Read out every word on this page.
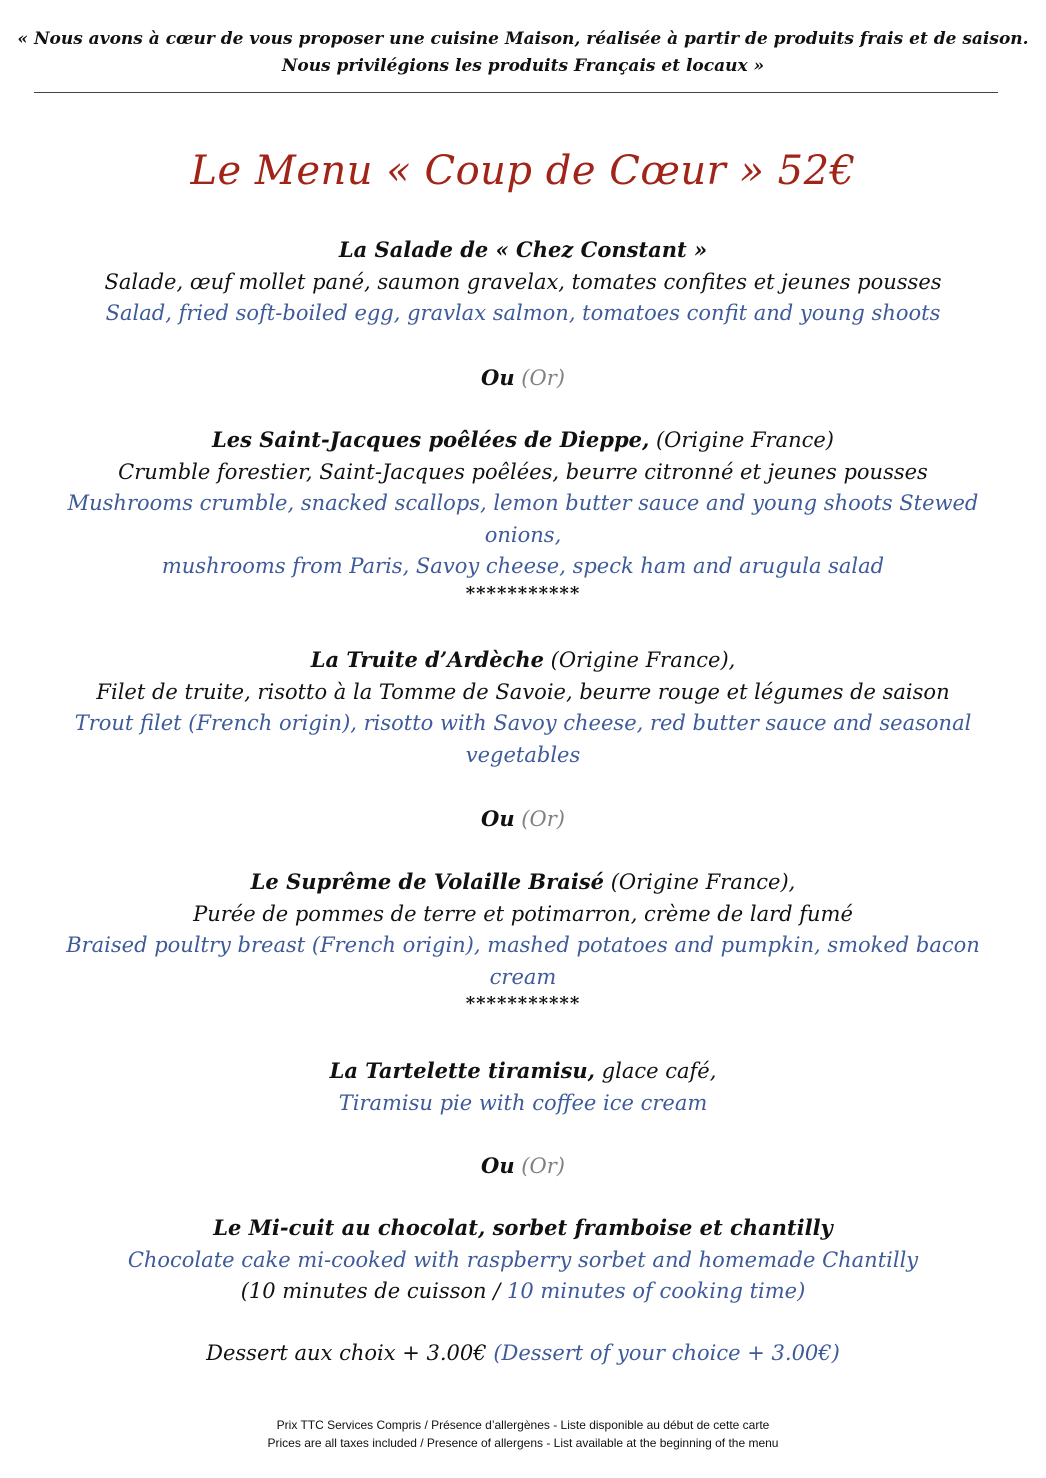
« Nous avons à cœur de vous proposer une cuisine Maison, réalisée à partir de produits frais et de saison.
Nous privilégions les produits Français et locaux »
Le Menu « Coup de Cœur » 52€
La Salade de « Chez Constant »
Salade, œuf mollet pané, saumon gravelax, tomates confites et jeunes pousses
Salad, fried soft-boiled egg, gravlax salmon, tomatoes confit and young shoots
Ou (Or)
Les Saint-Jacques poêlées de Dieppe, (Origine France)
Crumble forestier, Saint-Jacques poêlées, beurre citronné et jeunes pousses
Mushrooms crumble, snacked scallops, lemon butter sauce and young shoots Stewed onions,
mushrooms from Paris, Savoy cheese, speck ham and arugula salad
***********
La Truite d’Ardèche (Origine France),
Filet de truite, risotto à la Tomme de Savoie, beurre rouge et légumes de saison
Trout filet (French origin), risotto with Savoy cheese, red butter sauce and seasonal
vegetables
Ou (Or)
Le Suprême de Volaille Braisé (Origine France),
Purée de pommes de terre et potimarron, crème de lard fumé
Braised poultry breast (French origin), mashed potatoes and pumpkin, smoked bacon cream
***********
La Tartelette tiramisu, glace café,
Tiramisu pie with coffee ice cream
Ou (Or)
Le Mi-cuit au chocolat, sorbet framboise et chantilly
Chocolate cake mi-cooked with raspberry sorbet and homemade Chantilly
(10 minutes de cuisson / 10 minutes of cooking time)
Dessert aux choix + 3.00€ (Dessert of your choice + 3.00€)
Prix TTC Services Compris / Présence d’allergènes - Liste disponible au début de cette carte
Prices are all taxes included / Presence of allergens - List available at the beginning of the menu
